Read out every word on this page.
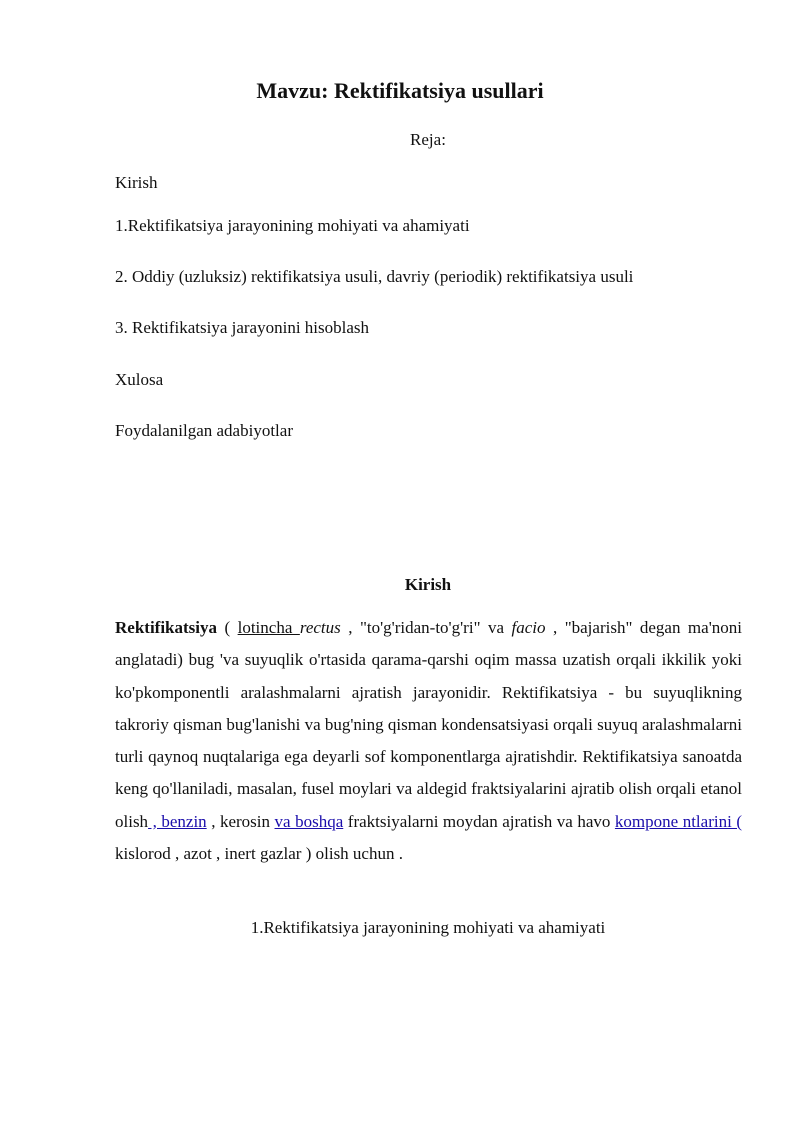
Mavzu: Rektifikatsiya usullari
Reja:
Kirish
1.Rektifikatsiya jarayonining mohiyati va ahamiyati
2. Oddiy (uzluksiz) rektifikatsiya usuli, davriy (periodik) rektifikatsiya usuli
3. Rektifikatsiya jarayonini hisoblash
Xulosa
Foydalanilgan adabiyotlar
Kirish

Rektifikatsiya ( lotincha rectus , "to'g'ridan-to'g'ri" va facio , "bajarish" degan ma'noni anglatadi) bug 'va suyuqlik o'rtasida qarama-qarshi oqim massa uzatish orqali ikkilik yoki ko'pkomponentli aralashmalarni ajratish jarayonidir. Rektifikatsiya - bu suyuqlikning takroriy qisman bug'lanishi va bug'ning qisman kondensatsiyasi orqali suyuq aralashmalarni turli qaynoq nuqtalariga ega deyarli sof komponentlarga ajratishdir. Rektifikatsiya sanoatda keng qo'llaniladi, masalan, fusel moylari va aldegid fraktsiyalarini ajratib olish orqali etanol olish , benzin , kerosin va boshqa fraktsiyalarni moydan ajratish va havo kompone ntlarini ( kislorod , azot , inert gazlar ) olish uchun .

1.Rektifikatsiya jarayonining mohiyati va ahamiyati
